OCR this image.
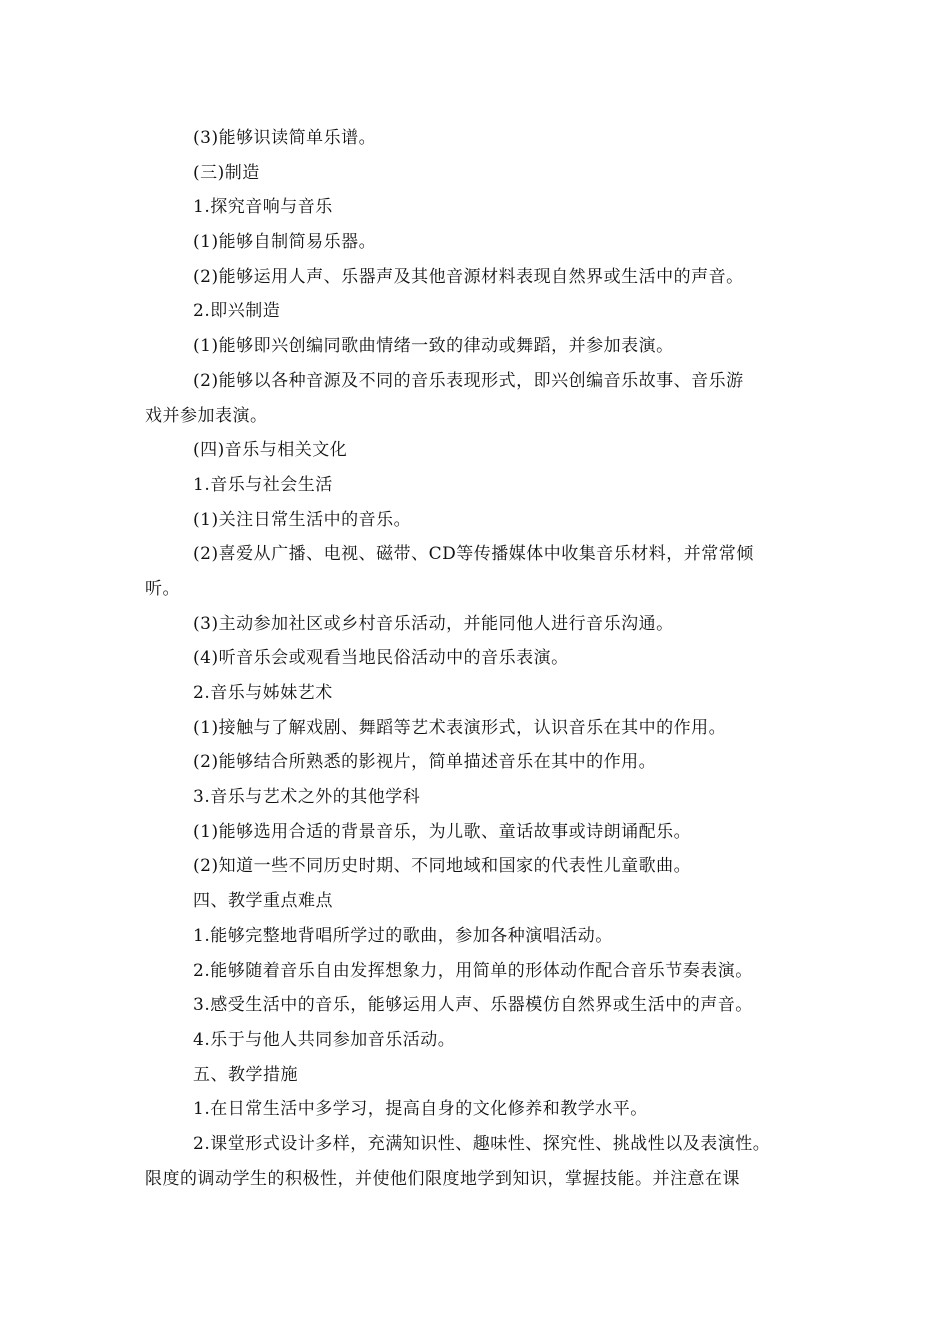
(3)能够识读简单乐谱。
(三)制造
1.探究音响与音乐
(1)能够自制简易乐器。
(2)能够运用人声、乐器声及其他音源材料表现自然界或生活中的声音。
2.即兴制造
(1)能够即兴创编同歌曲情绪一致的律动或舞蹈，并参加表演。
(2)能够以各种音源及不同的音乐表现形式，即兴创编音乐故事、音乐游
戏并参加表演。
(四)音乐与相关文化
1.音乐与社会生活
(1)关注日常生活中的音乐。
(2)喜爱从广播、电视、磁带、CD等传播媒体中收集音乐材料，并常常倾
听。
(3)主动参加社区或乡村音乐活动，并能同他人进行音乐沟通。
(4)听音乐会或观看当地民俗活动中的音乐表演。
2.音乐与姊妹艺术
(1)接触与了解戏剧、舞蹈等艺术表演形式，认识音乐在其中的作用。
(2)能够结合所熟悉的影视片，简单描述音乐在其中的作用。
3.音乐与艺术之外的其他学科
(1)能够选用合适的背景音乐，为儿歌、童话故事或诗朗诵配乐。
(2)知道一些不同历史时期、不同地域和国家的代表性儿童歌曲。
四、教学重点难点
1.能够完整地背唱所学过的歌曲，参加各种演唱活动。
2.能够随着音乐自由发挥想象力，用简单的形体动作配合音乐节奏表演。
3.感受生活中的音乐，能够运用人声、乐器模仿自然界或生活中的声音。
4.乐于与他人共同参加音乐活动。
五、教学措施
1.在日常生活中多学习，提高自身的文化修养和教学水平。
2.课堂形式设计多样，充满知识性、趣味性、探究性、挑战性以及表演性。
限度的调动学生的积极性，并使他们限度地学到知识，掌握技能。并注意在课
